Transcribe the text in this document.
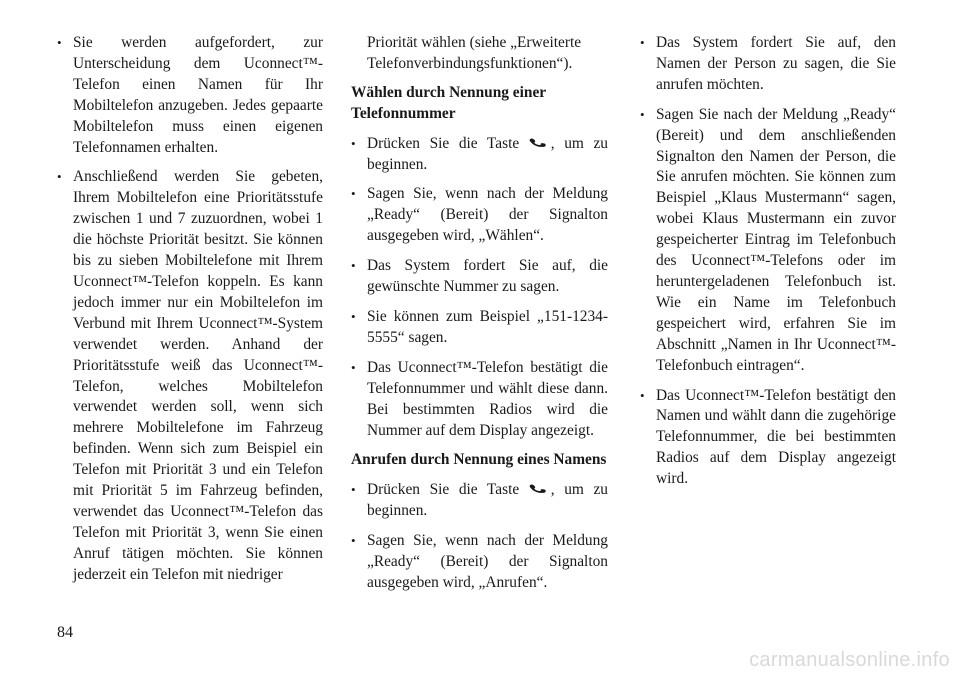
• Sie werden aufgefordert, zur Unterscheidung dem Uconnect™-Telefon einen Namen für Ihr Mobiltelefon anzugeben. Jedes gepaarte Mobiltelefon muss einen eigenen Telefonnamen erhalten.
• Anschließend werden Sie gebeten, Ihrem Mobiltelefon eine Prioritätsstufe zwischen 1 und 7 zuzuordnen, wobei 1 die höchste Priorität besitzt. Sie können bis zu sieben Mobiltelefone mit Ihrem Uconnect™-Telefon koppeln. Es kann jedoch immer nur ein Mobiltelefon im Verbund mit Ihrem Uconnect™-System verwendet werden. Anhand der Prioritätsstufe weiß das Uconnect™-Telefon, welches Mobiltelefon verwendet werden soll, wenn sich mehrere Mobiltelefone im Fahrzeug befinden. Wenn sich zum Beispiel ein Telefon mit Priorität 3 und ein Telefon mit Priorität 5 im Fahrzeug befinden, verwendet das Uconnect™-Telefon das Telefon mit Priorität 3, wenn Sie einen Anruf tätigen möchten. Sie können jederzeit ein Telefon mit niedriger

Priorität wählen (siehe „Erweiterte Telefonverbindungsfunktionen“).

Wählen durch Nennung einer Telefonnummer
• Drücken Sie die Taste , um zu beginnen.
• Sagen Sie, wenn nach der Meldung „Ready“ (Bereit) der Signalton ausgegeben wird, „Wählen“.
• Das System fordert Sie auf, die gewünschte Nummer zu sagen.
• Sie können zum Beispiel „151-1234-5555“ sagen.
• Das Uconnect™-Telefon bestätigt die Telefonnummer und wählt diese dann. Bei bestimmten Radios wird die Nummer auf dem Display angezeigt.
Anrufen durch Nennung eines Namens
• Drücken Sie die Taste , um zu beginnen.
• Sagen Sie, wenn nach der Meldung „Ready“ (Bereit) der Signalton ausgegeben wird, „Anrufen“.
• Das System fordert Sie auf, den Namen der Person zu sagen, die Sie anrufen möchten.
• Sagen Sie nach der Meldung „Ready“ (Bereit) und dem anschließenden Signalton den Namen der Person, die Sie anrufen möchten. Sie können zum Beispiel „Klaus Mustermann“ sagen, wobei Klaus Mustermann ein zuvor gespeicherter Eintrag im Telefonbuch des Uconnect™-Telefons oder im heruntergeladenen Telefonbuch ist. Wie ein Name im Telefonbuch gespeichert wird, erfahren Sie im Abschnitt „Namen in Ihr Uconnect™-Telefonbuch eintragen“.
• Das Uconnect™-Telefon bestätigt den Namen und wählt dann die zugehörige Telefonnummer, die bei bestimmten Radios auf dem Display angezeigt wird.
84
carmanualsonline.info
